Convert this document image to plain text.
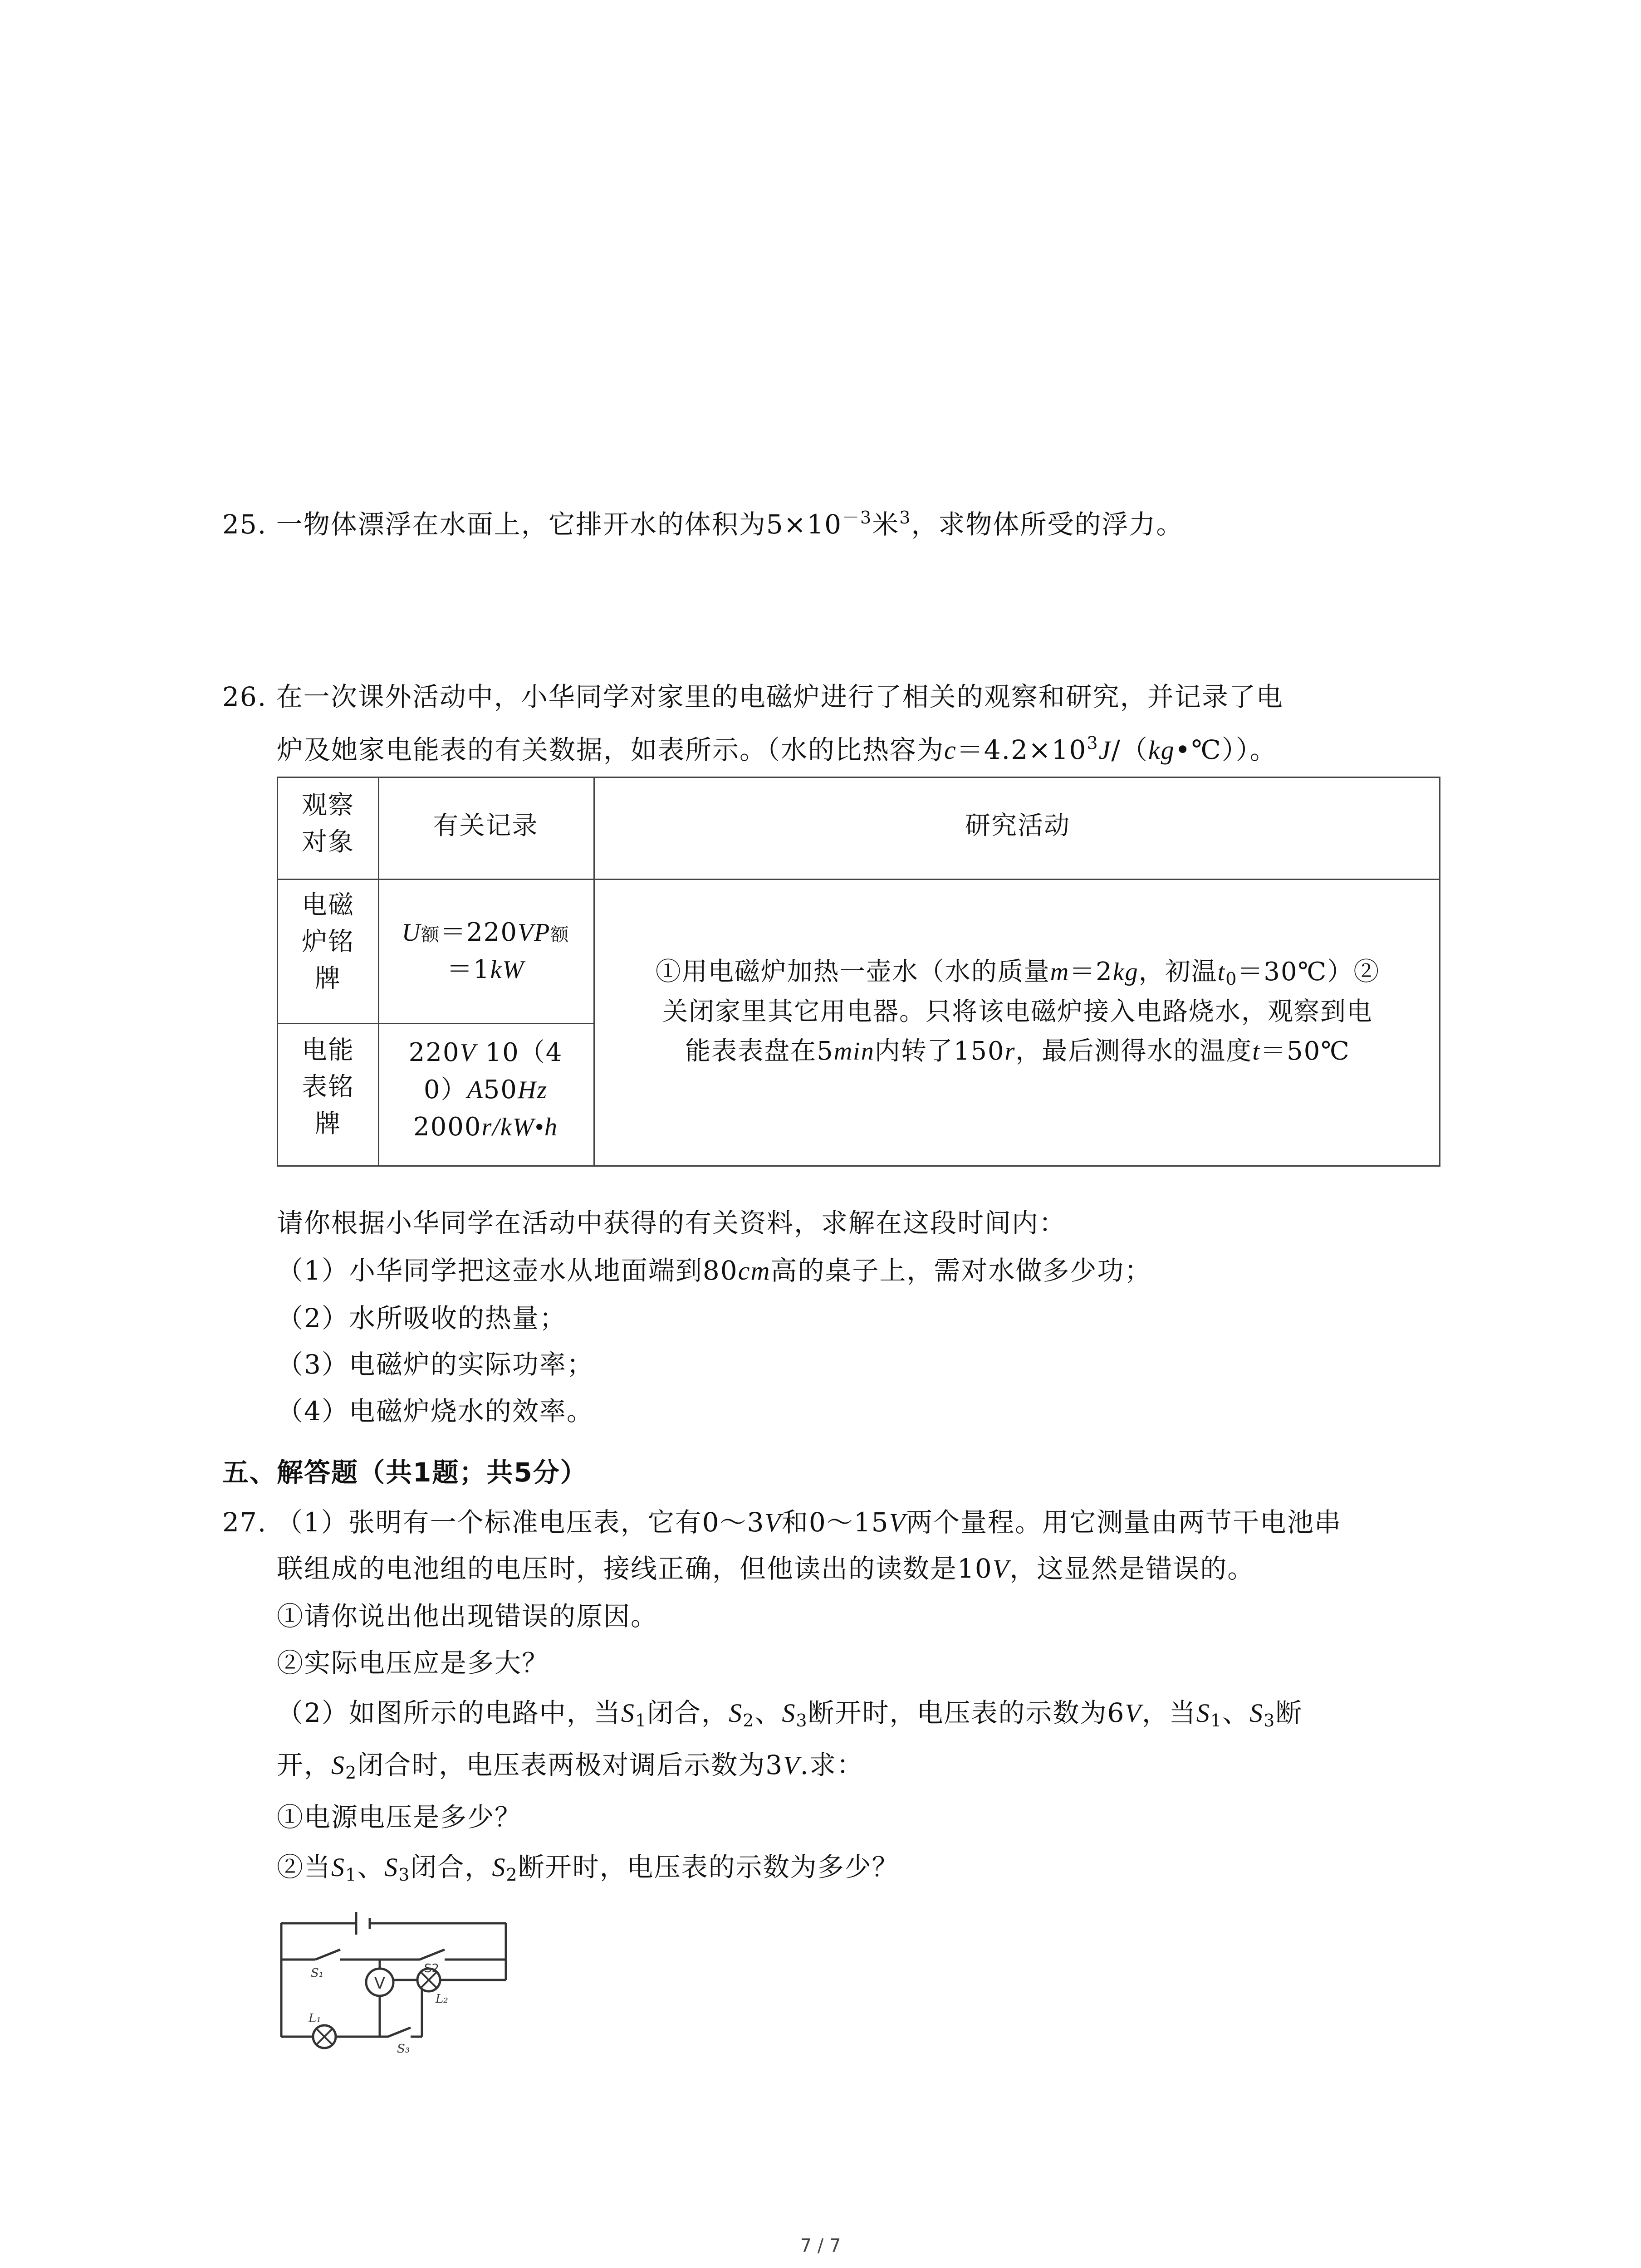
25. 一物体漂浮在水面上，它排开水的体积为$5\times 10^{-3}$米$^3$，求物体所受的浮力。
26. 在一次课外活动中，小华同学对家里的电磁炉进行了相关的观察和研究，并记录了电
炉及她家电能表的有关数据，如表所示。（水的比热容为$c=4.2\times 10^3J/(kg•℃)$）。
观察
对象
有关记录	研究活动
电磁
炉铭
牌
U额＝220VP额
＝1kW
电能
表铭
牌
220V 10（4
0）A50Hz
2000r/kW•h
①用电磁炉加热一壶水（水的质量m＝2kg，初温$t_0=30℃)②$
关闭家里其它用电器。只将该电磁炉接入电路烧水，观察到电
能表表盘在5min内转了150r，最后测得水的温度t＝50℃
请你根据小华同学在活动中获得的有关资料，求解在这段时间内：
（1）小华同学把这壶水从地面端到80cm高的桌子上，需对水做多少功；
（2）水所吸收的热量；
（3）电磁炉的实际功率；
（4）电磁炉烧水的效率。
五、解答题（共1题；共5分）
27. （1）张明有一个标准电压表，它有0～3V和0～15V两个量程。用它测量由两节干电池串
联组成的电池组的电压时，接线正确，但他读出的读数是10V，这显然是错误的。
①请你说出他出现错误的原因。
②实际电压应是多大？
（2）如图所示的电路中，当$S_1$闭合，$S_2$、$S_3$断开时，电压表的示数为6V，当$S_1$、$S_3$断
开，$S_2$闭合时，电压表两极对调后示数为3V.求：
①电源电压是多少？
②当$S_1$、$S_3$闭合，$S_2$断开时，电压表的示数为多少？
V
S₁	S2
L₁
L₂
S₃
7 / 7
